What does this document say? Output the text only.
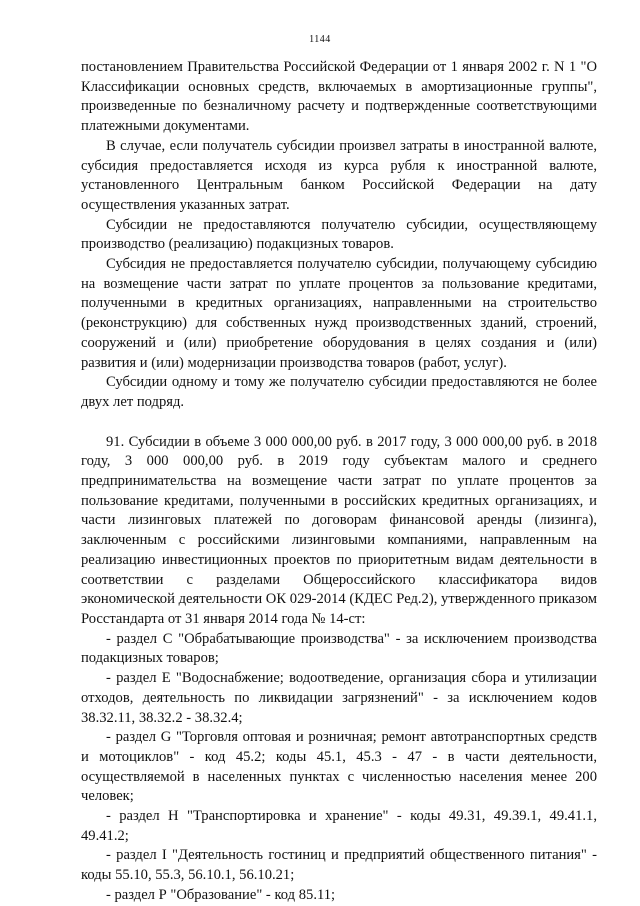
1144

постановлением Правительства Российской Федерации от 1 января 2002 г. N 1 "О Классификации основных средств, включаемых в амортизационные группы", произведенные по безналичному расчету и подтвержденные соответствующими платежными документами.

В случае, если получатель субсидии произвел затраты в иностранной валюте, субсидия предоставляется исходя из курса рубля к иностранной валюте, установленного Центральным банком Российской Федерации на дату осуществления указанных затрат.

Субсидии не предоставляются получателю субсидии, осуществляющему производство (реализацию) подакцизных товаров.

Субсидия не предоставляется получателю субсидии, получающему субсидию на возмещение части затрат по уплате процентов за пользование кредитами, полученными в кредитных организациях, направленными на строительство (реконструкцию) для собственных нужд производственных зданий, строений, сооружений и (или) приобретение оборудования в целях создания и (или) развития и (или) модернизации производства товаров (работ, услуг).

Субсидии одному и тому же получателю субсидии предоставляются не более двух лет подряд.

91. Субсидии в объеме 3 000 000,00 руб. в 2017 году, 3 000 000,00 руб. в 2018 году, 3 000 000,00 руб. в 2019 году субъектам малого и среднего предпринимательства на возмещение части затрат по уплате процентов за пользование кредитами, полученными в российских кредитных организациях, и части лизинговых платежей по договорам финансовой аренды (лизинга), заключенным с российскими лизинговыми компаниями, направленным на реализацию инвестиционных проектов по приоритетным видам деятельности в соответствии с разделами Общероссийского классификатора видов экономической деятельности ОК 029-2014 (КДЕС Ред.2), утвержденного приказом Росстандарта от 31 января 2014 года № 14-ст:

- раздел С "Обрабатывающие производства" - за исключением производства подакцизных товаров;

- раздел Е "Водоснабжение; водоотведение, организация сбора и утилизации отходов, деятельность по ликвидации загрязнений" - за исключением кодов 38.32.11, 38.32.2 - 38.32.4;

- раздел G "Торговля оптовая и розничная; ремонт автотранспортных средств и мотоциклов" - код 45.2; коды 45.1, 45.3 - 47 - в части деятельности, осуществляемой в населенных пунктах с численностью населения менее 200 человек;

- раздел Н "Транспортировка и хранение" - коды 49.31, 49.39.1, 49.41.1, 49.41.2;

- раздел I "Деятельность гостиниц и предприятий общественного питания" - коды 55.10, 55.3, 56.10.1, 56.10.21;

- раздел Р "Образование" - код 85.11;
